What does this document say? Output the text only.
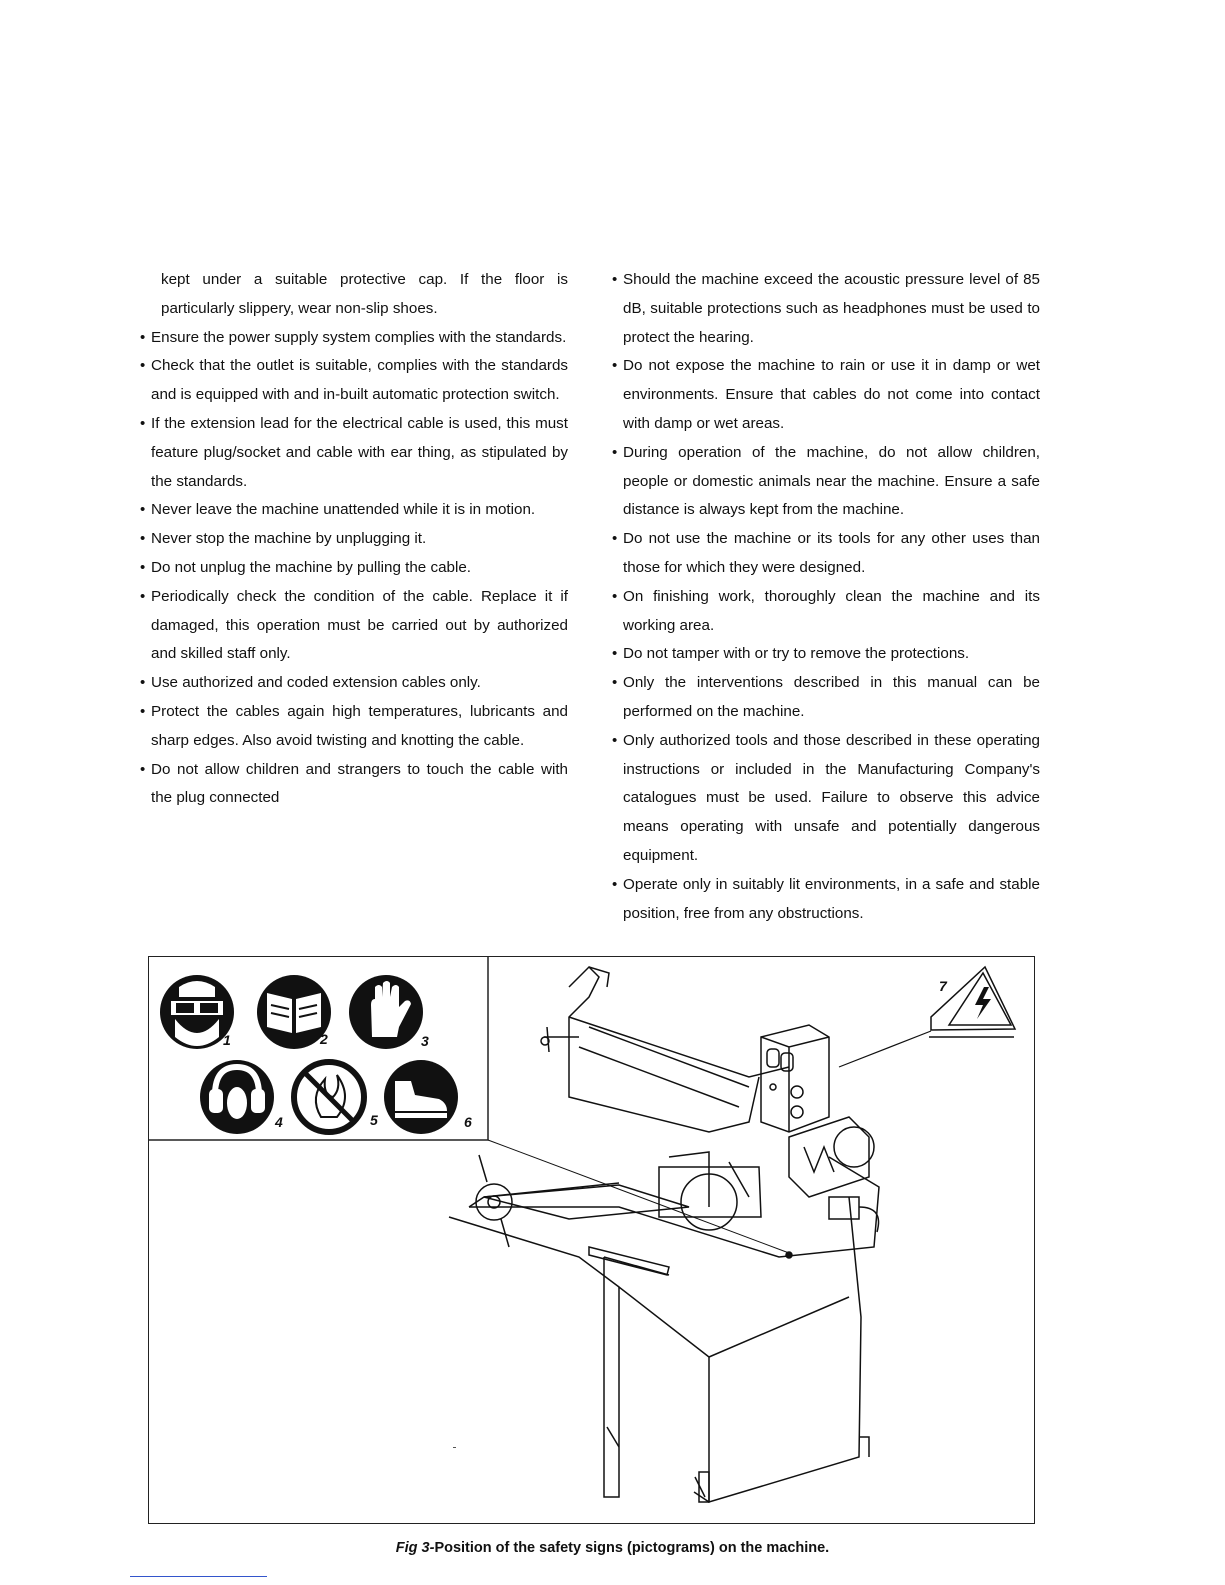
kept under a suitable protective cap. If the floor is particularly slippery, wear non-slip shoes.
• Ensure the power supply system complies with the standards.
• Check that the outlet is suitable, complies with the standards and is equipped with and in-built automatic protection switch.
• If the extension lead for the electrical cable is used, this must feature plug/socket and cable with ear thing, as stipulated by the standards.
• Never leave the machine unattended while it is in motion.
• Never stop the machine by unplugging it.
• Do not unplug the machine by pulling the cable.
• Periodically check the condition of the cable. Replace it if damaged, this operation must be carried out by authorized and skilled staff only.
• Use authorized and coded extension cables only.
• Protect the cables again high temperatures, lubricants and sharp edges. Also avoid twisting and knotting the cable.
• Do not allow children and strangers to touch the cable with the plug connected
• Should the machine exceed the acoustic pressure level of 85 dB, suitable protections such as headphones must be used to protect the hearing.
• Do not expose the machine to rain or use it in damp or wet environments. Ensure that cables do not come into contact with damp or wet areas.
• During operation of the machine, do not allow children, people or domestic animals near the machine. Ensure a safe distance is always kept from the machine.
• Do not use the machine or its tools for any other uses than those for which they were designed.
• On finishing work, thoroughly clean the machine and its working area.
• Do not tamper with or try to remove the protections.
• Only the interventions described in this manual can be performed on the machine.
• Only authorized tools and those described in these operating instructions or included in the Manufacturing Company's catalogues must be used. Failure to observe this advice means operating with unsafe and potentially dangerous equipment.
• Operate only in suitably lit environments, in a safe and stable position, free from any obstructions.
1	2	3
4	5	6
7
Fig 3-Position of the safety signs (pictograms) on the machine.
